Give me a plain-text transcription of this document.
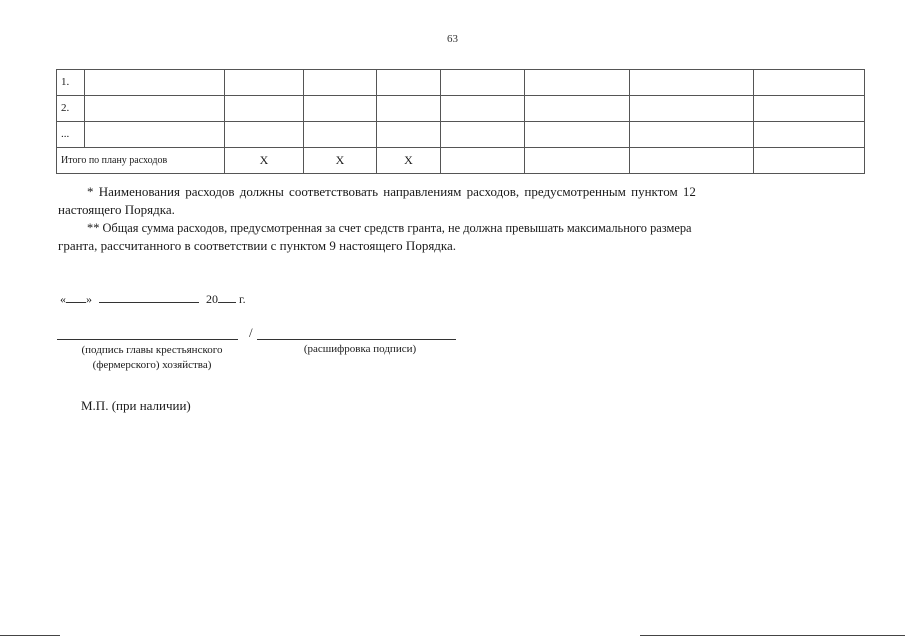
63
1.							
2.							
...							
Итого по плану расходов	Х	Х	Х				
* Наименования расходов должны соответствовать направлениям расходов, предусмотренным пунктом 12
настоящего Порядка.
** Общая сумма расходов, предусмотренная за счет средств гранта, не должна превышать максимального размера
гранта, рассчитанного в соответствии с пунктом 9 настоящего Порядка.
« »	20 г.
/
(подпись главы крестьянского
(фермерского) хозяйства)
(расшифровка подписи)
М.П. (при наличии)
